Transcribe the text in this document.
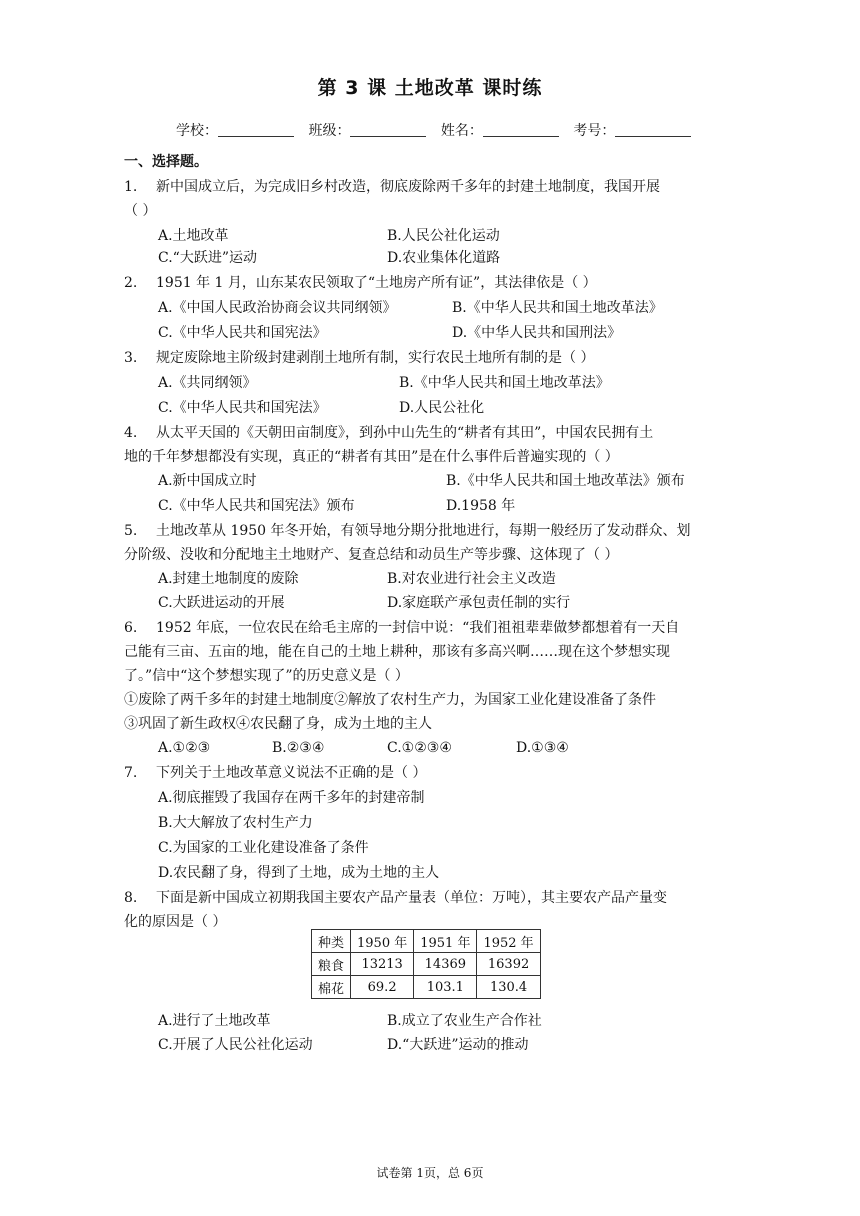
第 3 课 土地改革 课时练
学校：	班级：	姓名：	考号：
一、选择题。
1. 新中国成立后，为完成旧乡村改造，彻底废除两千多年的封建土地制度，我国开展
（ ）
A.土地改革	B.人民公社化运动
C.“大跃进”运动	D.农业集体化道路
2. 1951 年 1 月，山东某农民领取了“土地房产所有证”，其法律依是（ ）
A.《中国人民政治协商会议共同纲领》	B.《中华人民共和国土地改革法》
C.《中华人民共和国宪法》	D.《中华人民共和国刑法》
3. 规定废除地主阶级封建剥削土地所有制，实行农民土地所有制的是（ ）
A.《共同纲领》	B.《中华人民共和国土地改革法》
C.《中华人民共和国宪法》	D.人民公社化
4. 从太平天国的《天朝田亩制度》，到孙中山先生的“耕者有其田”，中国农民拥有土
地的千年梦想都没有实现，真正的“耕者有其田”是在什么事件后普遍实现的（ ）
A.新中国成立时	B.《中华人民共和国土地改革法》颁布
C.《中华人民共和国宪法》颁布	D.1958 年
5. 土地改革从 1950 年冬开始，有领导地分期分批地进行，每期一般经历了发动群众、划
分阶级、没收和分配地主土地财产、复查总结和动员生产等步骤、这体现了（ ）
A.封建土地制度的废除	B.对农业进行社会主义改造
C.大跃进运动的开展	D.家庭联产承包责任制的实行
6. 1952 年底，一位农民在给毛主席的一封信中说：“我们祖祖辈辈做梦都想着有一天自
己能有三亩、五亩的地，能在自己的土地上耕种，那该有多高兴啊……现在这个梦想实现
了。”信中“这个梦想实现了”的历史意义是（ ）
①废除了两千多年的封建土地制度②解放了农村生产力，为国家工业化建设准备了条件
③巩固了新生政权④农民翻了身，成为土地的主人
A.①②③	B.②③④	C.①②③④	D.①③④
7. 下列关于土地改革意义说法不正确的是（ ）
A.彻底摧毁了我国存在两千多年的封建帝制
B.大大解放了农村生产力
C.为国家的工业化建设准备了条件
D.农民翻了身，得到了土地，成为土地的主人
8. 下面是新中国成立初期我国主要农产品产量表（单位：万吨），其主要农产品产量变
化的原因是（ ）
种类	1950 年	1951 年	1952 年
粮食	13213	14369	16392
棉花	69.2	103.1	130.4
A.进行了土地改革	B.成立了农业生产合作社
C.开展了人民公社化运动	D.“大跃进”运动的推动
试卷第 1页，总 6页
